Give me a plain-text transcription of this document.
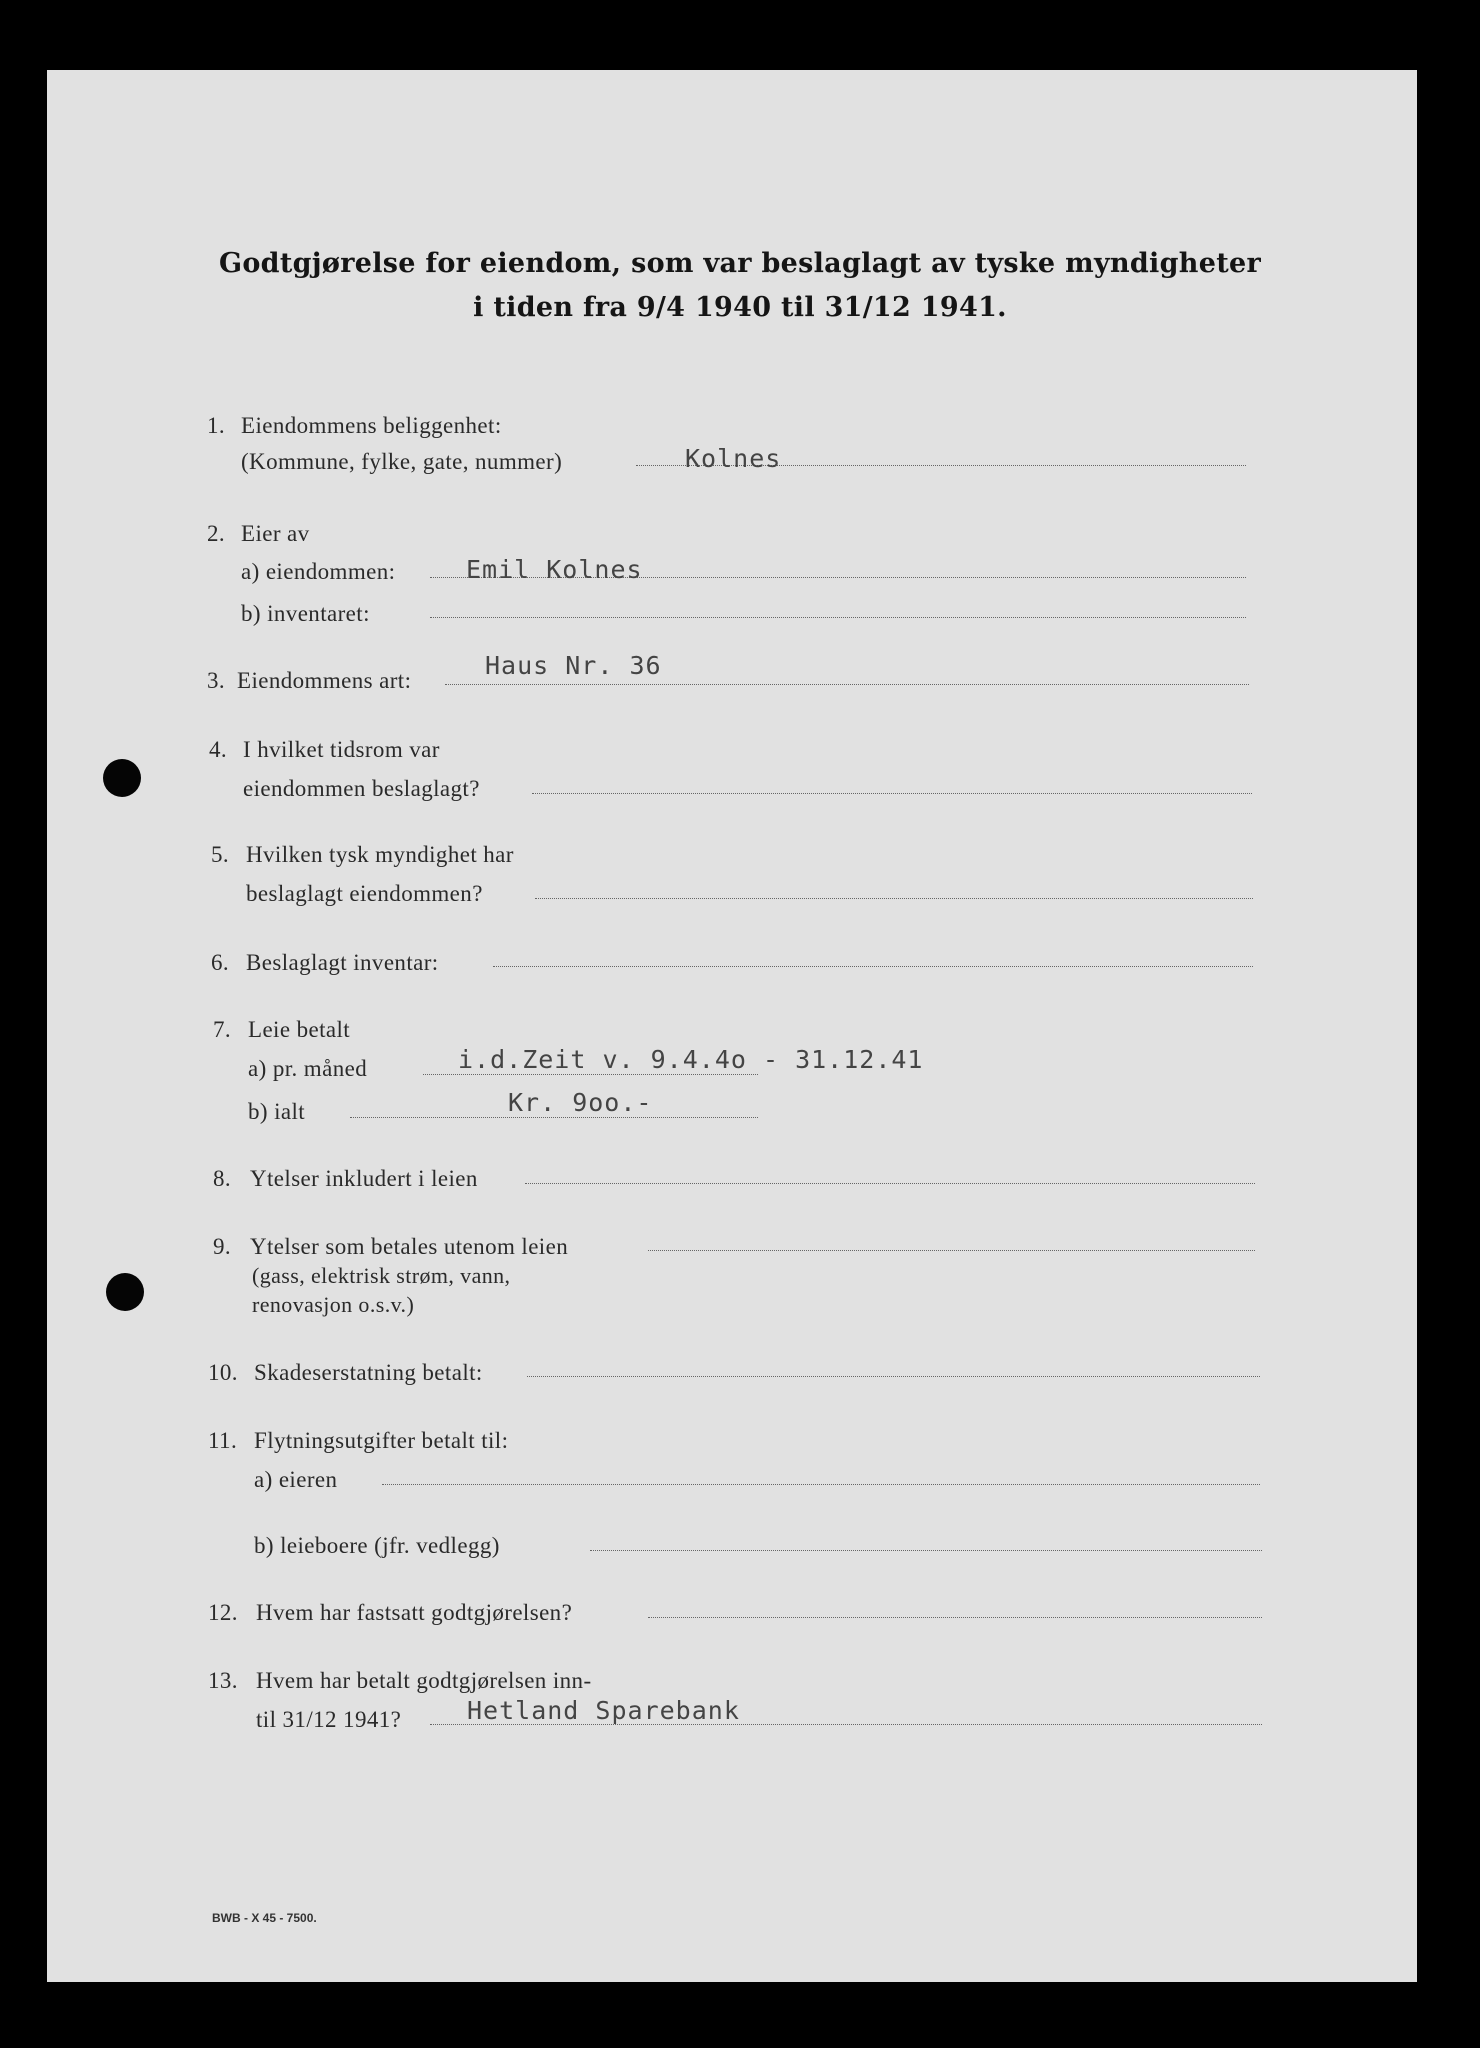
Godtgjørelse for eiendom, som var beslaglagt av tyske myndigheter
i tiden fra 9/4 1940 til 31/12 1941.
1. Eiendommens beliggenhet:
(Kommune, fylke, gate, nummer)	Kolnes
2. Eier av
a) eiendommen:	Emil Kolnes
b) inventaret:
3. Eiendommens art:
Haus Nr. 36
4. I hvilket tidsrom var
eiendommen beslaglagt?
5. Hvilken tysk myndighet har
beslaglagt eiendommen?
6. Beslaglagt inventar:
7. Leie betalt
a) pr. måned	i.d.Zeit v. 9.4.4o - 31.12.41
b) ialt	Kr. 9oo.-
8. Ytelser inkludert i leien
9. Ytelser som betales utenom leien
(gass, elektrisk strøm, vann,
renovasjon o.s.v.)
10. Skadeserstatning betalt:
11. Flytningsutgifter betalt til:
a) eieren
b) leieboere (jfr. vedlegg)
12. Hvem har fastsatt godtgjørelsen?
13. Hvem har betalt godtgjørelsen inn-
til 31/12 1941?	Hetland Sparebank
BWB - X 45 - 7500.
